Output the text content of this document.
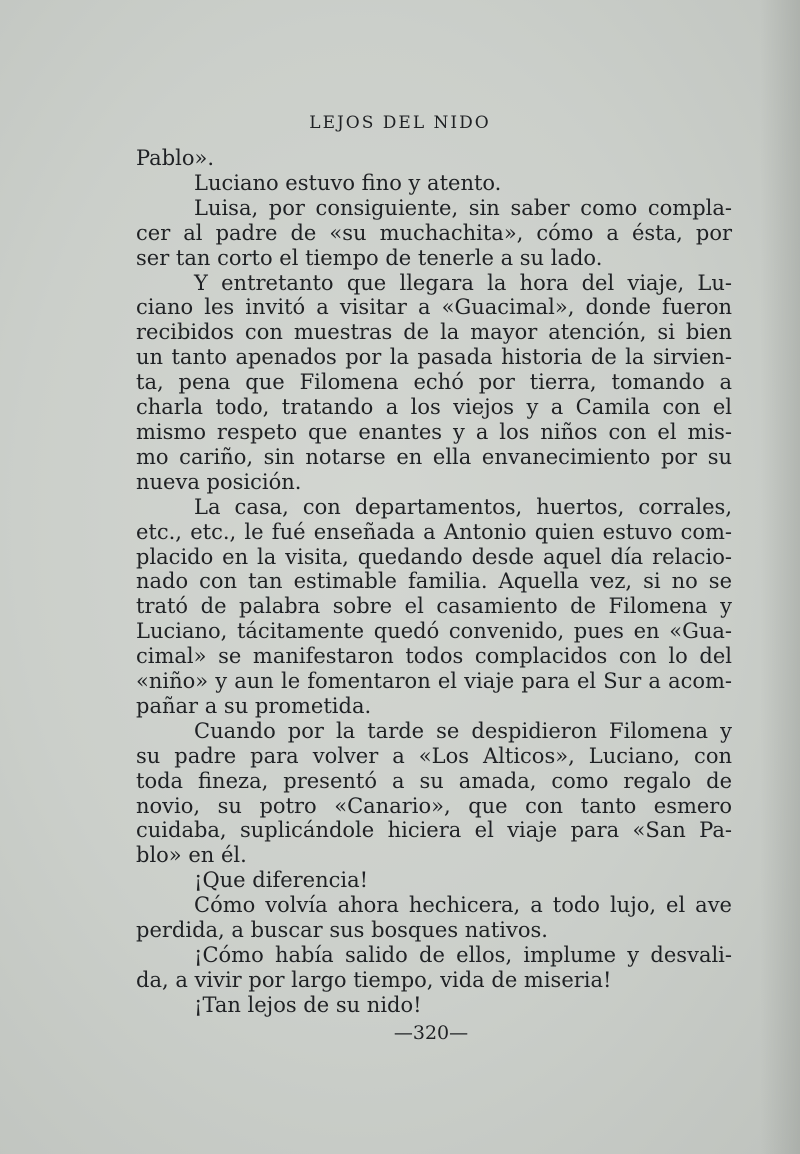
LEJOS DEL NIDO
Pablo».
Luciano estuvo fino y atento.
Luisa, por consiguiente, sin saber como compla-
cer al padre de «su muchachita», cómo a ésta, por
ser tan corto el tiempo de tenerle a su lado.
Y entretanto que llegara la hora del viaje, Lu-
ciano les invitó a visitar a «Guacimal», donde fueron
recibidos con muestras de la mayor atención, si bien
un tanto apenados por la pasada historia de la sirvien-
ta, pena que Filomena echó por tierra, tomando a
charla todo, tratando a los viejos y a Camila con el
mismo respeto que enantes y a los niños con el mis-
mo cariño, sin notarse en ella envanecimiento por su
nueva posición.
La casa, con departamentos, huertos, corrales,
etc., etc., le fué enseñada a Antonio quien estuvo com-
placido en la visita, quedando desde aquel día relacio-
nado con tan estimable familia. Aquella vez, si no se
trató de palabra sobre el casamiento de Filomena y
Luciano, tácitamente quedó convenido, pues en «Gua-
cimal» se manifestaron todos complacidos con lo del
«niño» y aun le fomentaron el viaje para el Sur a acom-
pañar a su prometida.
Cuando por la tarde se despidieron Filomena y
su padre para volver a «Los Alticos», Luciano, con
toda fineza, presentó a su amada, como regalo de
novio, su potro «Canario», que con tanto esmero
cuidaba, suplicándole hiciera el viaje para «San Pa-
blo» en él.
¡Que diferencia!
Cómo volvía ahora hechicera, a todo lujo, el ave
perdida, a buscar sus bosques nativos.
¡Cómo había salido de ellos, implume y desvali-
da, a vivir por largo tiempo, vida de miseria!
¡Tan lejos de su nido!
—320—
